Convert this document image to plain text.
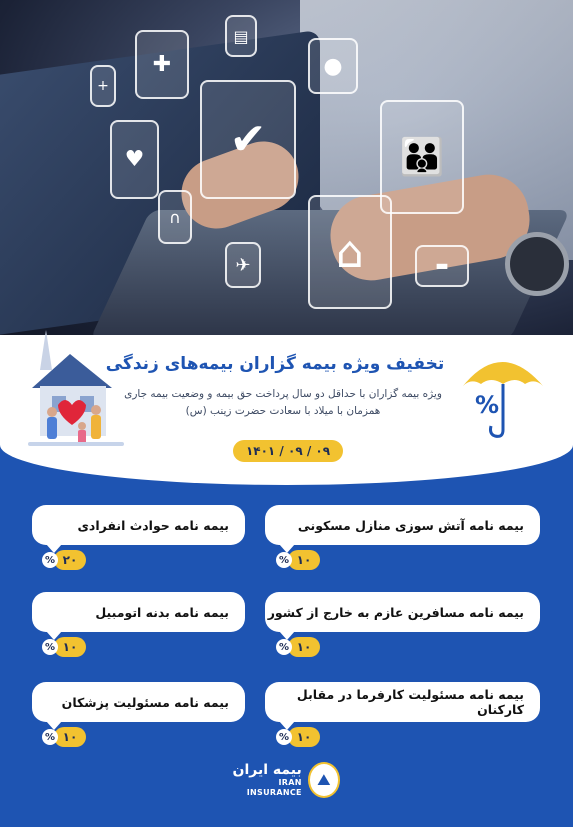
✚
▤
●
+
♥	✔	👪
∩
✈	⌂	▬
%
تخفیف ویژه بیمه گزاران بیمه‌های زندگی
ویژه بیمه گزاران با حداقل دو سال پرداخت حق بیمه و وضعیت بیمه جاری
همزمان با میلاد با سعادت حضرت زینب (س)
۱۴۰۱ / ۰۹ / ۰۹
بیمه نامه آتش سوزی منازل مسکونی
% ۱۰
بیمه نامه حوادث انفرادی
% ۲۰
بیمه نامه مسافرین عازم به خارج از کشور
% ۱۰
بیمه نامه بدنه اتومبیل
% ۱۰
بیمه نامه مسئولیت کارفرما در مقابل کارکنان
% ۱۰
بیمه نامه مسئولیت پزشکان
% ۱۰
بیمه ایران
IRAN INSURANCE
⛰
